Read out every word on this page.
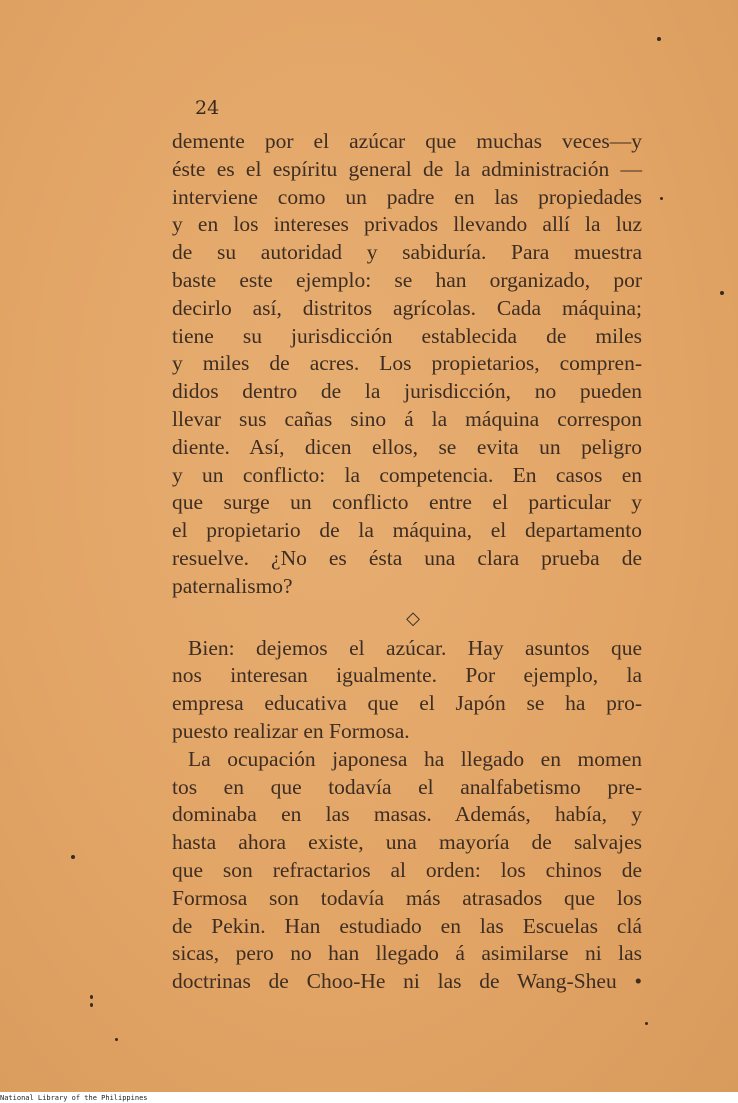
24
demente por el azúcar que muchas veces—y
éste es el espíritu general de la administración —
interviene como un padre en las propiedades
y en los intereses privados llevando allí la luz
de su autoridad y sabiduría. Para muestra
baste este ejemplo: se han organizado, por
decirlo así, distritos agrícolas. Cada máquina;
tiene su jurisdicción establecida de miles
y miles de acres. Los propietarios, compren-
didos dentro de la jurisdicción, no pueden
llevar sus cañas sino á la máquina correspon
diente. Así, dicen ellos, se evita un peligro
y un conflicto: la competencia. En casos en
que surge un conflicto entre el particular y
el propietario de la máquina, el departamento
resuelve. ¿No es ésta una clara prueba de
paternalismo?
◇
Bien: dejemos el azúcar. Hay asuntos que
nos interesan igualmente. Por ejemplo, la
empresa educativa que el Japón se ha pro-
puesto realizar en Formosa.
La ocupación japonesa ha llegado en momen
tos en que todavía el analfabetismo pre-
dominaba en las masas. Además, había, y
hasta ahora existe, una mayoría de salvajes
que son refractarios al orden: los chinos de
Formosa son todavía más atrasados que los
de Pekin. Han estudiado en las Escuelas clá
sicas, pero no han llegado á asimilarse ni las
doctrinas de Choo-He ni las de Wang-Sheu •
National Library of the Philippines
